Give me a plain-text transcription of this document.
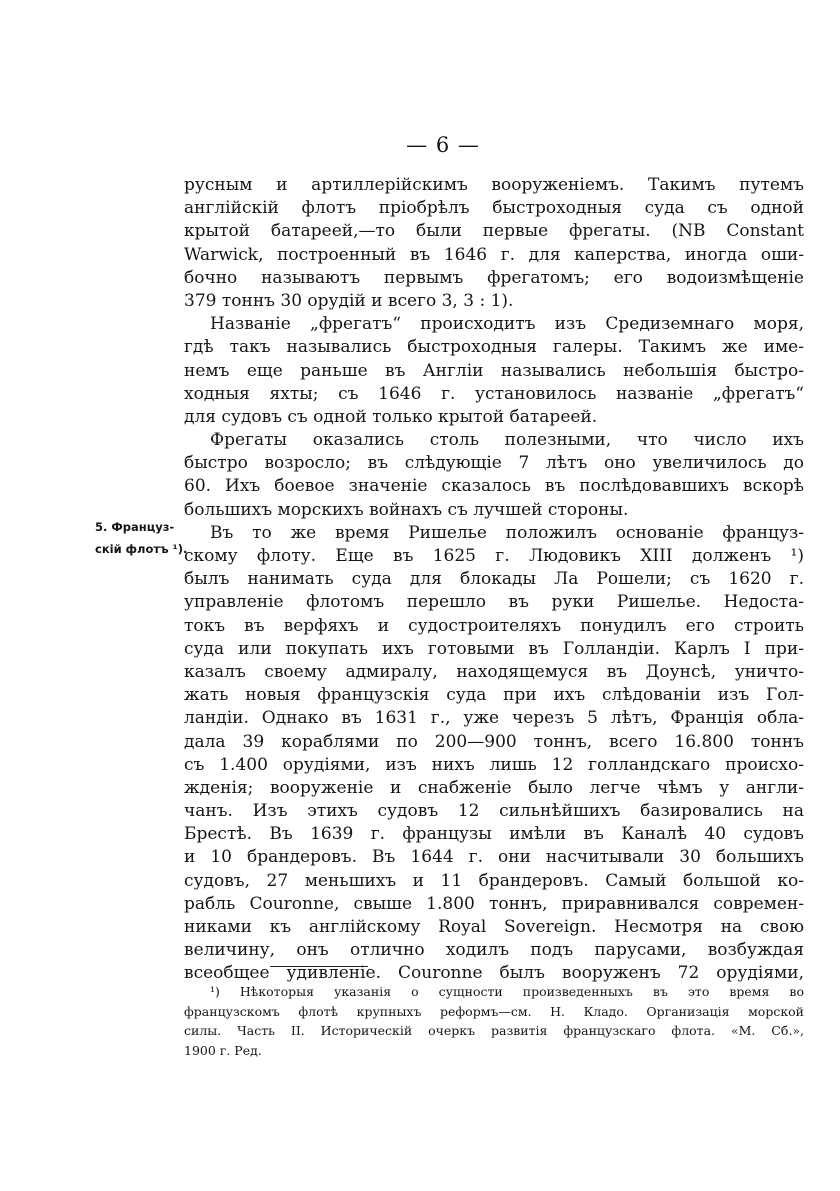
— 6 —
5. Француз-
скій флотъ ¹).
русным и артиллерійскимъ вооруженіемъ. Такимъ путемъ
англійскій флотъ пріобрѣлъ быстроходныя суда съ одной
крытой батареей,—то были первые фрегаты. (NB Constant
Warwick, построенный въ 1646 г. для каперства, иногда оши-
бочно называютъ первымъ фрегатомъ; его водоизмѣщеніе
379 тоннъ 30 орудій и всего 3, 3 : 1).
Названіе „фрегатъ“ происходитъ изъ Средиземнаго моря,
гдѣ такъ назывались быстроходныя галеры. Такимъ же име-
немъ еще раньше въ Англіи назывались небольшія быстро-
ходныя яхты; съ 1646 г. установилось названіе „фрегатъ“
для судовъ съ одной только крытой батареей.
Фрегаты оказались столь полезными, что число ихъ
быстро возросло; въ слѣдующіе 7 лѣтъ оно увеличилось до
60. Ихъ боевое значеніе сказалось въ послѣдовавшихъ вскорѣ
большихъ морскихъ войнахъ съ лучшей стороны.
Въ то же время Ришелье положилъ основаніе француз-
скому флоту. Еще въ 1625 г. Людовикъ XIII долженъ ¹)
былъ нанимать суда для блокады Ла Рошели; съ 1620 г.
управленіе флотомъ перешло въ руки Ришелье. Недоста-
токъ въ верфяхъ и судостроителяхъ понудилъ его строить
суда или покупать ихъ готовыми въ Голландіи. Карлъ I при-
казалъ своему адмиралу, находящемуся въ Доунсѣ, уничто-
жать новыя французскія суда при ихъ слѣдованіи изъ Гол-
ландіи. Однако въ 1631 г., уже черезъ 5 лѣтъ, Франція обла-
дала 39 кораблями по 200—900 тоннъ, всего 16.800 тоннъ
съ 1.400 орудіями, изъ нихъ лишь 12 голландскаго происхо-
жденія; вооруженіе и снабженіе было легче чѣмъ у англи-
чанъ. Изъ этихъ судовъ 12 сильнѣйшихъ базировались на
Брестѣ. Въ 1639 г. французы имѣли въ Каналѣ 40 судовъ
и 10 брандеровъ. Въ 1644 г. они насчитывали 30 большихъ
судовъ, 27 меньшихъ и 11 брандеровъ. Самый большой ко-
рабль Couronne, свыше 1.800 тоннъ, приравнивался современ-
никами къ англійскому Royal Sovereign. Несмотря на свою
величину, онъ отлично ходилъ подъ парусами, возбуждая
всеобщее удивленіе. Couronne былъ вооруженъ 72 орудіями,
¹) Нѣкоторыя указанія о сущности произведенныхъ въ это время во
французскомъ флотѣ крупныхъ реформъ—см. Н. Кладо. Организація морской
силы. Часть II. Историческій очеркъ развитія французскаго флота. «М. Сб.»,
1900 г. Ред.
